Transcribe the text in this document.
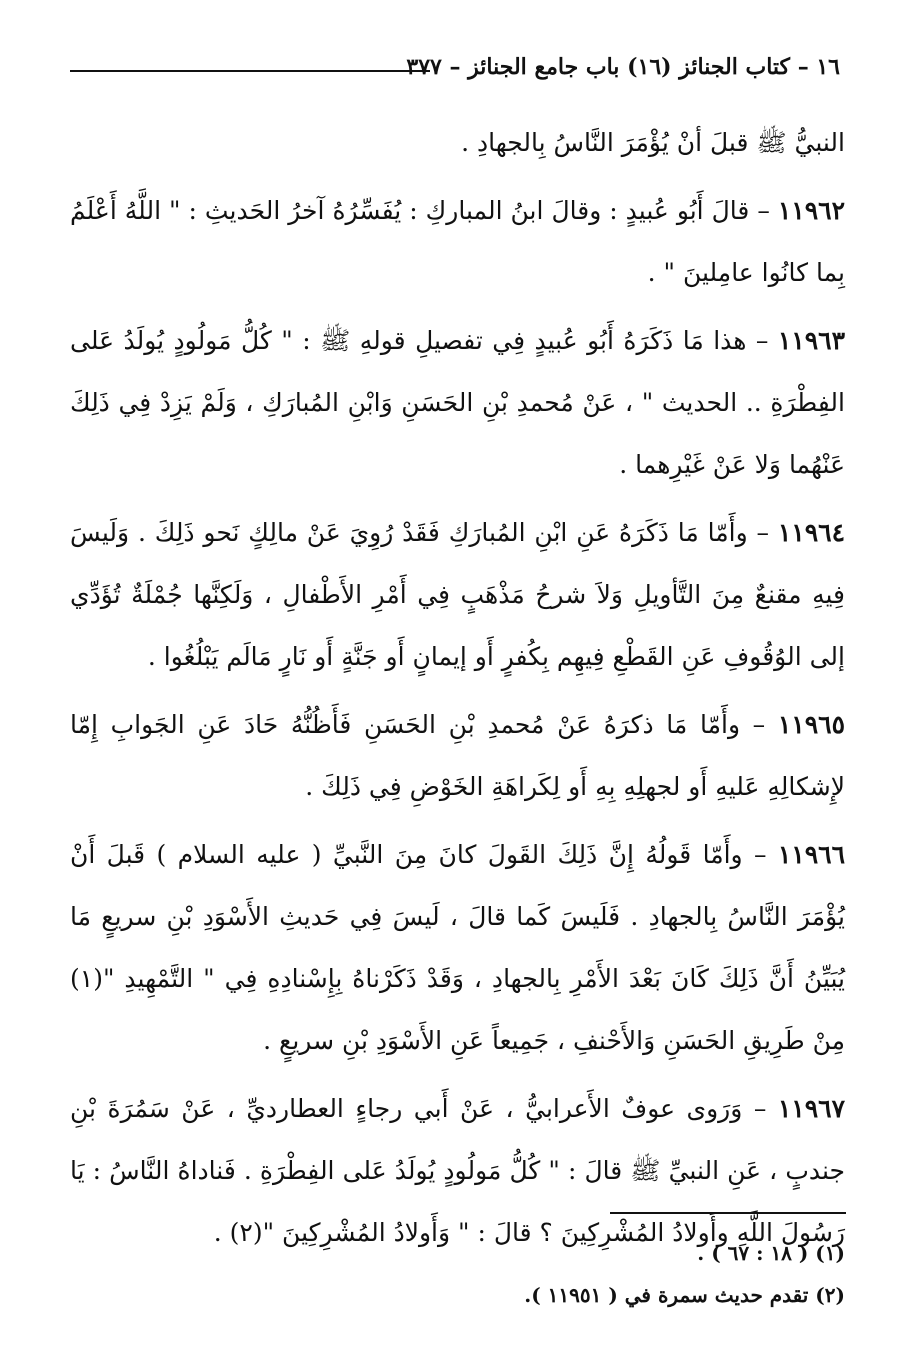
١٦ – كتاب الجنائز (١٦) باب جامع الجنائز – ٣٧٧

النبيُّ ﷺ قبلَ أنْ يُؤْمَرَ النَّاسُ بِالجهادِ .

١١٩٦٢ – قالَ أَبُو عُبيدٍ : وقالَ ابنُ المباركِ : يُفَسِّرُهُ آخرُ الحَديثِ : " اللَّهُ أَعْلَمُ بِما كانُوا عامِلينَ " .

١١٩٦٣ – هذا مَا ذَكَرَهُ أَبُو عُبيدٍ فِي تفصيلِ قولهِ ﷺ : " كُلُّ مَولُودٍ يُولَدُ عَلى الفِطْرَةِ .. الحديث " ، عَنْ مُحمدِ بْنِ الحَسَنِ وَابْنِ المُبارَكِ ، وَلَمْ يَزِدْ فِي ذَلِكَ عَنْهُما وَلا عَنْ غَيْرِهما .

١١٩٦٤ – وأَمّا مَا ذَكَرَهُ عَنِ ابْنِ المُبارَكِ فَقَدْ رُوِيَ عَنْ مالِكٍ نَحو ذَلِكَ . وَلَيسَ فِيهِ مقنعٌ مِنَ التَّأويلِ وَلاَ شرحُ مَذْهَبٍ فِي أَمْرِ الأَطْفالِ ، وَلَكِنَّها جُمْلَةٌ تُؤَدِّي إلى الوُقُوفِ عَنِ القَطْعِ فِيهِم بِكُفرٍ أَو إيمانٍ أَو جَنَّةٍ أَو نَارٍ مَالَم يَبْلُغُوا .

١١٩٦٥ – وأَمّا مَا ذكرَهُ عَنْ مُحمدِ بْنِ الحَسَنِ فَأَظُنُّهُ حَادَ عَنِ الجَوابِ إِمّا لإِشكالِهِ عَليهِ أَو لجهلِهِ بِهِ أَو لِكَراهَةِ الخَوْضِ فِي ذَلِكَ .

١١٩٦٦ – وأَمّا قَولُهُ إِنَّ ذَلِكَ القَولَ كانَ مِنَ النَّبيِّ ( عليه السلام ) قَبلَ أَنْ يُؤْمَرَ النَّاسُ بِالجهادِ . فَلَيسَ كَما قالَ ، لَيسَ فِي حَديثِ الأَسْوَدِ بْنِ سريعٍ مَا يُبَيِّنُ أَنَّ ذَلِكَ كَانَ بَعْدَ الأَمْرِ بِالجهادِ ، وَقَدْ ذَكَرْناهُ بِإِسْنادِهِ فِي " التَّمْهِيدِ "(١) مِنْ طَرِيقِ الحَسَنِ وَالأَحْنفِ ، جَمِيعاً عَنِ الأَسْوَدِ بْنِ سريعٍ .

١١٩٦٧ – وَرَوى عوفٌ الأَعرابيُّ ، عَنْ أَبي رجاءٍ العطارديِّ ، عَنْ سَمُرَةَ بْنِ جندبٍ ، عَنِ النبيِّ ﷺ قالَ : " كُلُّ مَولُودٍ يُولَدُ عَلى الفِطْرَةِ . فَناداهُ النَّاسُ : يَا رَسُولَ اللَّهِ وأَولادُ المُشْرِكِينَ ؟ قالَ : " وَأَولادُ المُشْرِكِينَ "(٢) .

(١) ( ١٨ : ٦٧ ) .

(٢) تقدم حديث سمرة في ( ١١٩٥١ ).
